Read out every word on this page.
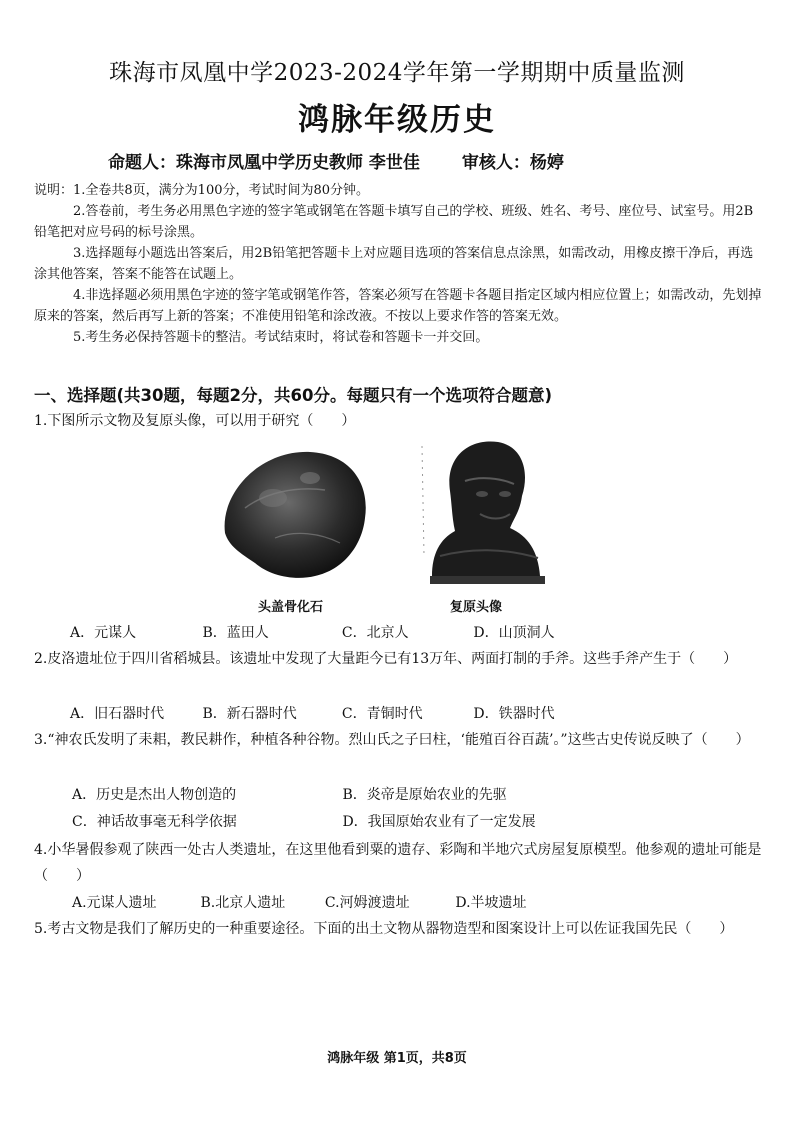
珠海市凤凰中学2023-2024学年第一学期期中质量监测
鸿脉年级历史
命题人：珠海市凤凰中学历史教师 李世佳 审核人：杨婷

说明：1.全卷共8页，满分为100分，考试时间为80分钟。

2.答卷前，考生务必用黑色字迹的签字笔或钢笔在答题卡填写自己的学校、班级、姓名、考号、座位号、试室号。用2B铅笔把对应号码的标号涂黑。

3.选择题每小题选出答案后，用2B铅笔把答题卡上对应题目选项的答案信息点涂黑，如需改动，用橡皮擦干净后，再选涂其他答案，答案不能答在试题上。

4.非选择题必须用黑色字迹的签字笔或钢笔作答，答案必须写在答题卡各题目指定区域内相应位置上；如需改动，先划掉原来的答案，然后再写上新的答案；不准使用铅笔和涂改液。不按以上要求作答的答案无效。

5.考生务必保持答题卡的整洁。考试结束时，将试卷和答题卡一并交回。

一、选择题(共30题，每题2分，共60分。每题只有一个选项符合题意)

1.下图所示文物及复原头像，可以用于研究（　　）

头盖骨化石	复原头像
A．元谋人	B．蓝田人	C．北京人	D．山顶洞人

2.皮洛遗址位于四川省稻城县。该遗址中发现了大量距今已有13万年、两面打制的手斧。这些手斧产生于（　　）

A．旧石器时代	B．新石器时代	C．青铜时代	D．铁器时代

3.“神农氏发明了耒耜，教民耕作，种植各种谷物。烈山氏之子曰柱，‘能殖百谷百蔬’。”这些古史传说反映了（　　）

A．历史是杰出人物创造的	B．炎帝是原始农业的先驱
C．神话故事毫无科学依据	D．我国原始农业有了一定发展

4.小华暑假参观了陕西一处古人类遗址，在这里他看到粟的遗存、彩陶和半地穴式房屋复原模型。他参观的遗址可能是　（　　）

A.元谋人遗址	B.北京人遗址	C.河姆渡遗址	D.半坡遗址

5.考古文物是我们了解历史的一种重要途径。下面的出土文物从器物造型和图案设计上可以佐证我国先民（　　）

鸿脉年级 第1页，共8页
